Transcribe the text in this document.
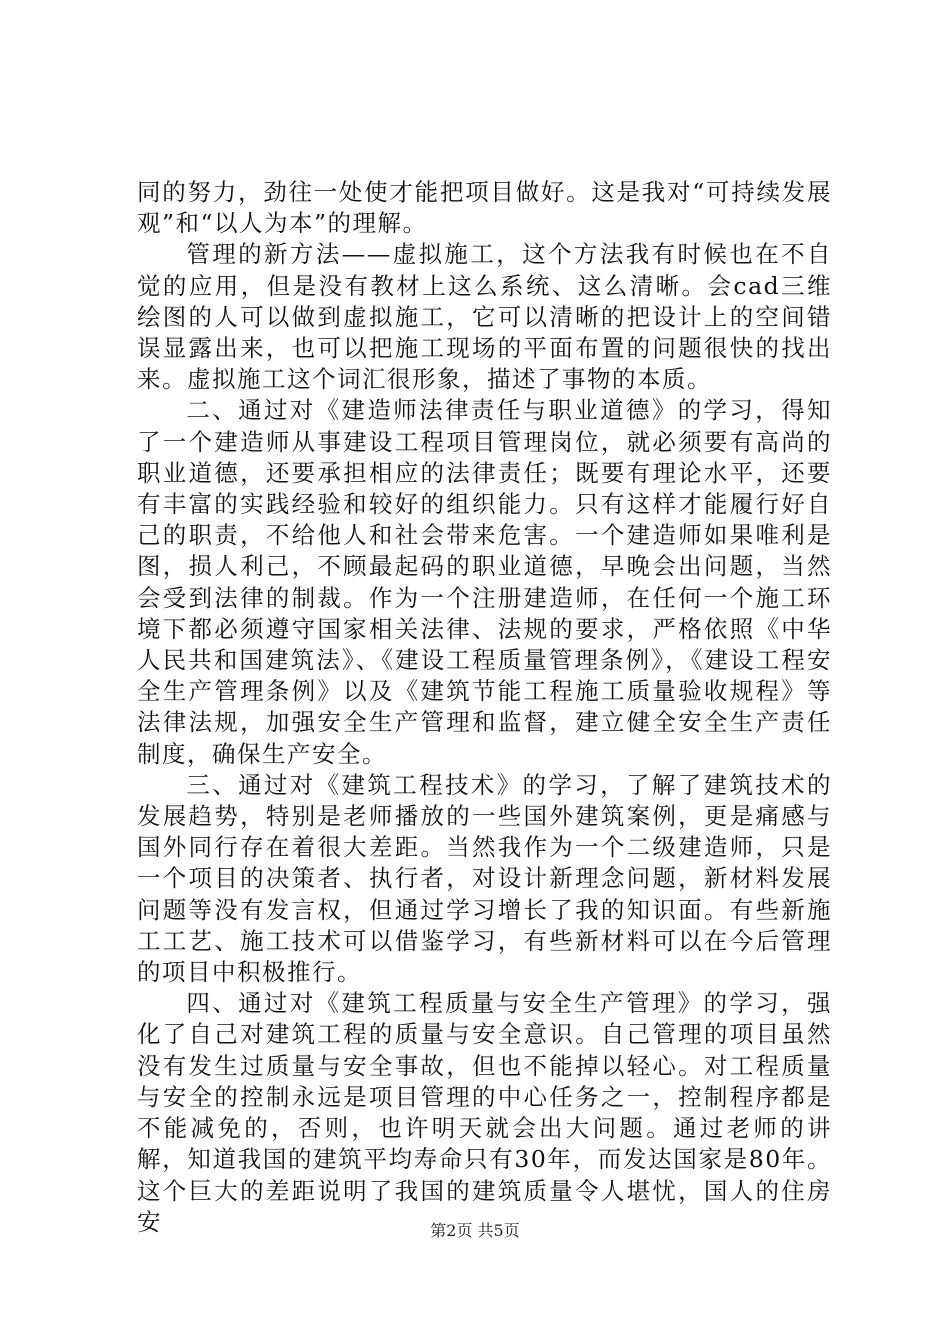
同的努力，劲往一处使才能把项目做好。这是我对“可持续发展观”和“以人为本”的理解。

管理的新方法——虚拟施工，这个方法我有时候也在不自觉的应用，但是没有教材上这么系统、这么清晰。会cad三维绘图的人可以做到虚拟施工，它可以清晰的把设计上的空间错误显露出来，也可以把施工现场的平面布置的问题很快的找出来。虚拟施工这个词汇很形象，描述了事物的本质。

二、通过对《建造师法律责任与职业道德》的学习，得知了一个建造师从事建设工程项目管理岗位，就必须要有高尚的职业道德，还要承担相应的法律责任；既要有理论水平，还要有丰富的实践经验和较好的组织能力。只有这样才能履行好自己的职责，不给他人和社会带来危害。一个建造师如果唯利是图，损人利己，不顾最起码的职业道德，早晚会出问题，当然会受到法律的制裁。作为一个注册建造师，在任何一个施工环境下都必须遵守国家相关法律、法规的要求，严格依照《中华人民共和国建筑法》、《建设工程质量管理条例》，《建设工程安全生产管理条例》以及《建筑节能工程施工质量验收规程》等法律法规，加强安全生产管理和监督，建立健全安全生产责任制度，确保生产安全。

三、通过对《建筑工程技术》的学习，了解了建筑技术的发展趋势，特别是老师播放的一些国外建筑案例，更是痛感与国外同行存在着很大差距。当然我作为一个二级建造师，只是一个项目的决策者、执行者，对设计新理念问题，新材料发展问题等没有发言权，但通过学习增长了我的知识面。有些新施工工艺、施工技术可以借鉴学习，有些新材料可以在今后管理的项目中积极推行。

四、通过对《建筑工程质量与安全生产管理》的学习，强化了自己对建筑工程的质量与安全意识。自己管理的项目虽然没有发生过质量与安全事故，但也不能掉以轻心。对工程质量与安全的控制永远是项目管理的中心任务之一，控制程序都是不能减免的，否则，也许明天就会出大问题。通过老师的讲解，知道我国的建筑平均寿命只有30年，而发达国家是80年。这个巨大的差距说明了我国的建筑质量令人堪忧，国人的住房安	第2页 共5页
